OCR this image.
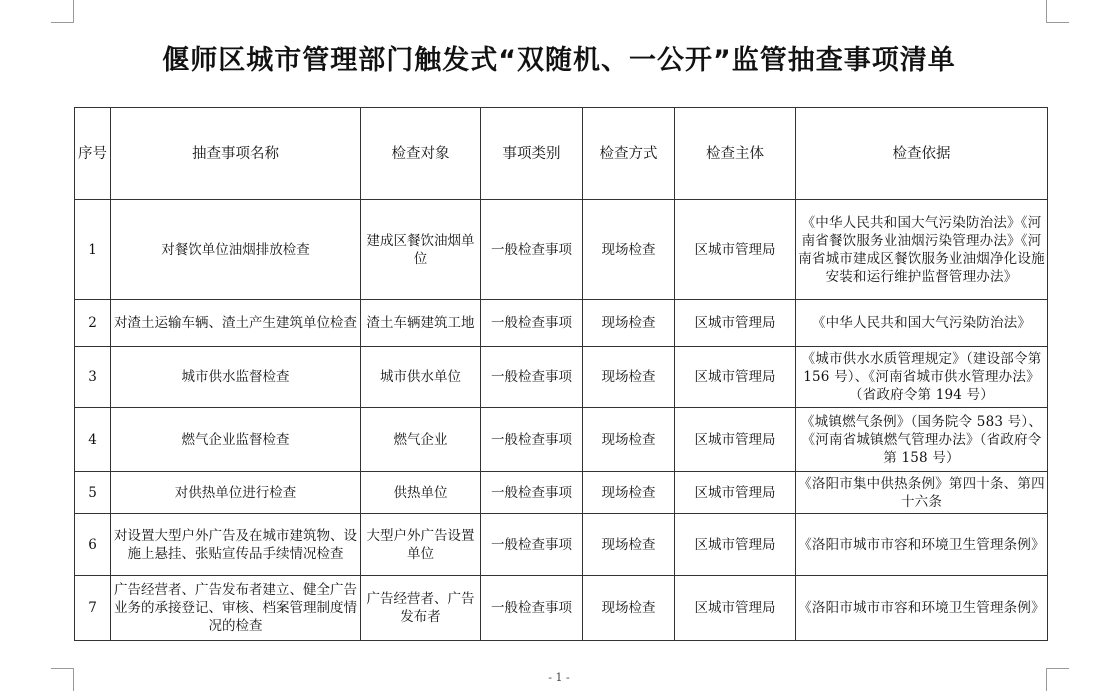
偃师区城市管理部门触发式“双随机、一公开”监管抽查事项清单
序号	抽查事项名称	检查对象	事项类别	检查方式	检查主体	检查依据
1	对餐饮单位油烟排放检查	建成区餐饮油烟单位	一般检查事项	现场检查	区城市管理局	《中华人民共和国大气污染防治法》《河南省餐饮服务业油烟污染管理办法》《河南省城市建成区餐饮服务业油烟净化设施安装和运行维护监督管理办法》
2	对渣土运输车辆、渣土产生建筑单位检查	渣土车辆建筑工地	一般检查事项	现场检查	区城市管理局	《中华人民共和国大气污染防治法》
3	城市供水监督检查	城市供水单位	一般检查事项	现场检查	区城市管理局	《城市供水水质管理规定》（建设部令第 156 号）、《河南省城市供水管理办法》（省政府令第 194 号）
4	燃气企业监督检查	燃气企业	一般检查事项	现场检查	区城市管理局	《城镇燃气条例》（国务院令 583 号）、《河南省城镇燃气管理办法》（省政府令第 158 号）
5	对供热单位进行检查	供热单位	一般检查事项	现场检查	区城市管理局	《洛阳市集中供热条例》第四十条、第四十六条
6	对设置大型户外广告及在城市建筑物、设施上悬挂、张贴宣传品手续情况检查	大型户外广告设置单位	一般检查事项	现场检查	区城市管理局	《洛阳市城市市容和环境卫生管理条例》
7	广告经营者、广告发布者建立、健全广告业务的承接登记、审核、档案管理制度情况的检查	广告经营者、广告发布者	一般检查事项	现场检查	区城市管理局	《洛阳市城市市容和环境卫生管理条例》
- 1 -
